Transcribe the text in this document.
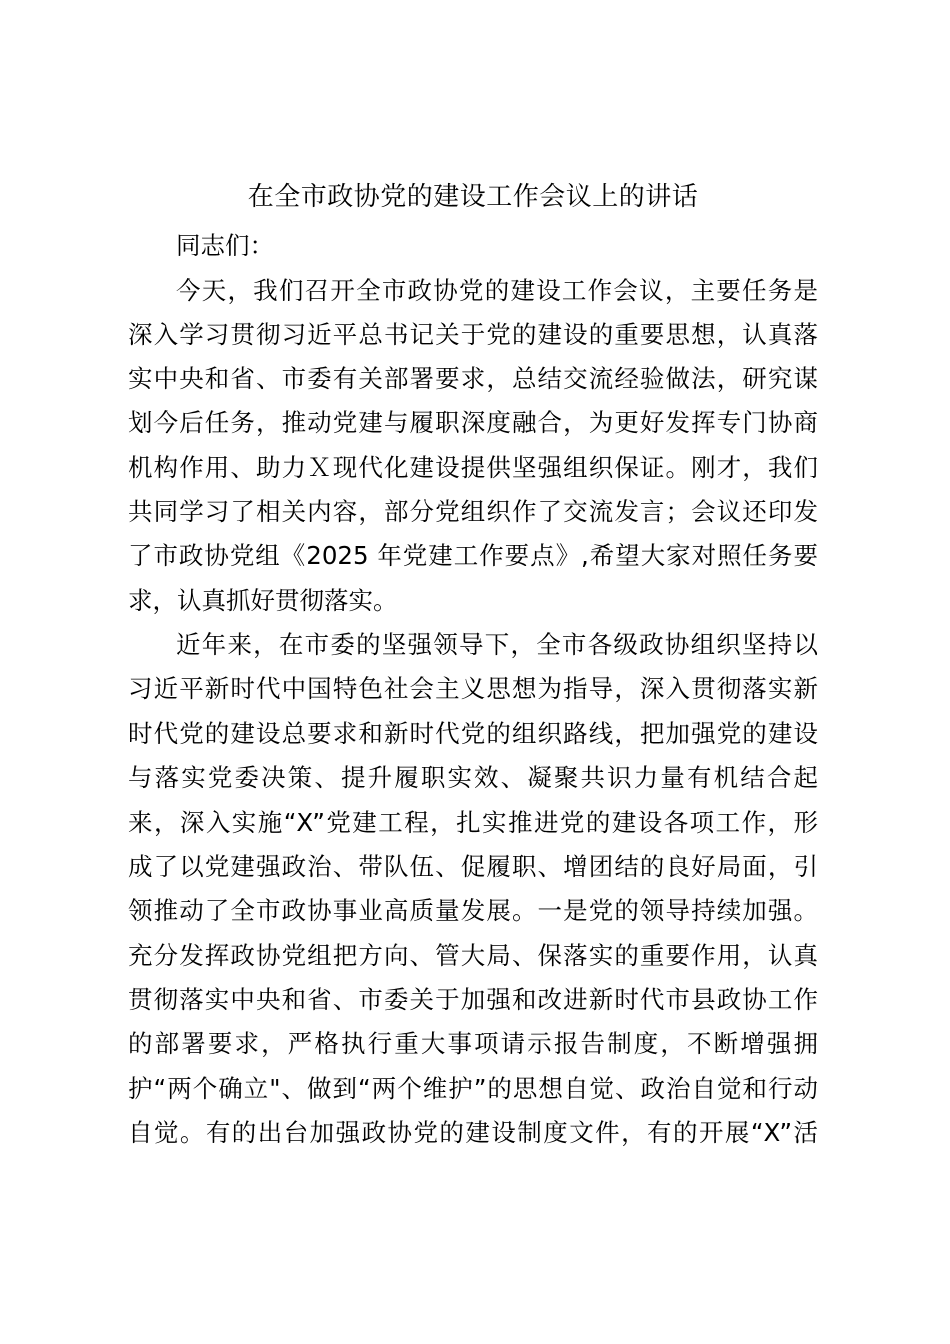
在全市政协党的建设工作会议上的讲话

同志们：

今天，我们召开全市政协党的建设工作会议，主要任务是

深入学习贯彻习近平总书记关于党的建设的重要思想，认真落

实中央和省、市委有关部署要求，总结交流经验做法，研究谋

划今后任务，推动党建与履职深度融合，为更好发挥专门协商

机构作用、助力Ｘ现代化建设提供坚强组织保证。刚才，我们

共同学习了相关内容，部分党组织作了交流发言；会议还印发

了市政协党组《2025 年党建工作要点》,希望大家对照任务要

求，认真抓好贯彻落实。

近年来，在市委的坚强领导下，全市各级政协组织坚持以

习近平新时代中国特色社会主义思想为指导，深入贯彻落实新

时代党的建设总要求和新时代党的组织路线，把加强党的建设

与落实党委决策、提升履职实效、凝聚共识力量有机结合起

来，深入实施“X”党建工程，扎实推进党的建设各项工作，形

成了以党建强政治、带队伍、促履职、增团结的良好局面，引

领推动了全市政协事业高质量发展。一是党的领导持续加强。

充分发挥政协党组把方向、管大局、保落实的重要作用，认真

贯彻落实中央和省、市委关于加强和改进新时代市县政协工作

的部署要求，严格执行重大事项请示报告制度，不断增强拥

护“两个确立"、做到“两个维护”的思想自觉、政治自觉和行动

自觉。有的出台加强政协党的建设制度文件，有的开展“X”活
